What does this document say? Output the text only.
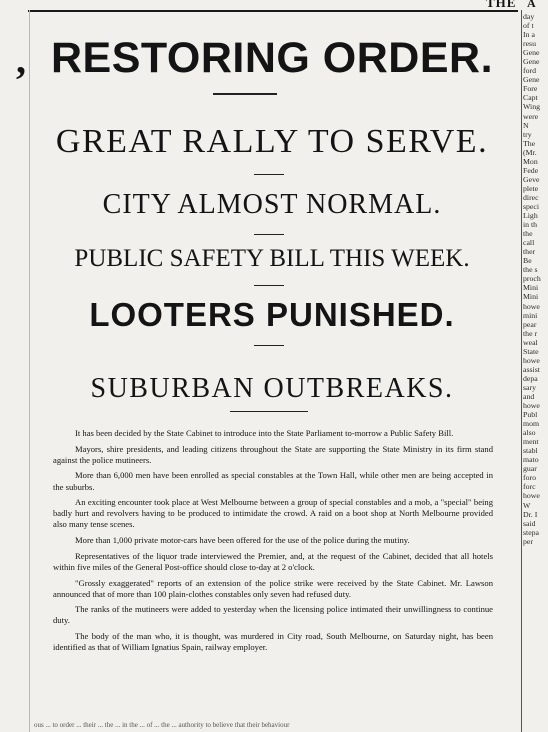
THE A
, RESTORING ORDER.
GREAT RALLY TO SERVE.
CITY ALMOST NORMAL.
PUBLIC SAFETY BILL THIS WEEK.
LOOTERS PUNISHED.
SUBURBAN OUTBREAKS.

It has been decided by the State Cabinet to introduce into the State Parliament to-morrow a Public Safety Bill.

Mayors, shire presidents, and leading citizens throughout the State are supporting the State Ministry in its firm stand against the police mutineers.

More than 6,000 men have been enrolled as special constables at the Town Hall, while other men are being accepted in the suburbs.

An exciting encounter took place at West Melbourne between a group of special constables and a mob, a "special" being badly hurt and revolvers having to be produced to intimidate the crowd. A raid on a boot shop at North Melbourne provided also many tense scenes.

More than 1,000 private motor-cars have been offered for the use of the police during the mutiny.

Representatives of the liquor trade interviewed the Premier, and, at the request of the Cabinet, decided that all hotels within five miles of the General Post-office should close to-day at 2 o'clock.

"Grossly exaggerated" reports of an extension of the police strike were received by the State Cabinet. Mr. Lawson announced that of more than 100 plain-clothes constables only seven had refused duty.

The ranks of the mutineers were added to yesterday when the licensing police intimated their unwillingness to continue duty.

The body of the man who, it is thought, was murdered in City road, South Melbourne, on Saturday night, has been identified as that of William Ignatius Spain, railway employer.

ous ... to order ... their ... the ... in the ... of ... the ... authority to believe that their behaviour
day
of t
In a
resu
Gene
Gene
ford
Gene
Fore
Capt
Wing
were
N
try
The
(Mr.
Mon
Fede
Geve
plete
direc
speci
Ligh
in th
the
call
ther
Be
the s
proch
Mini
Mini
howe
mini
pear
the r
weal
State
howe
assist
depa
sary
and
howe
Publ
mom
also
ment
stabl
mato
guar
foro
forc
howe
W
Dr. I
said
stepa
per
